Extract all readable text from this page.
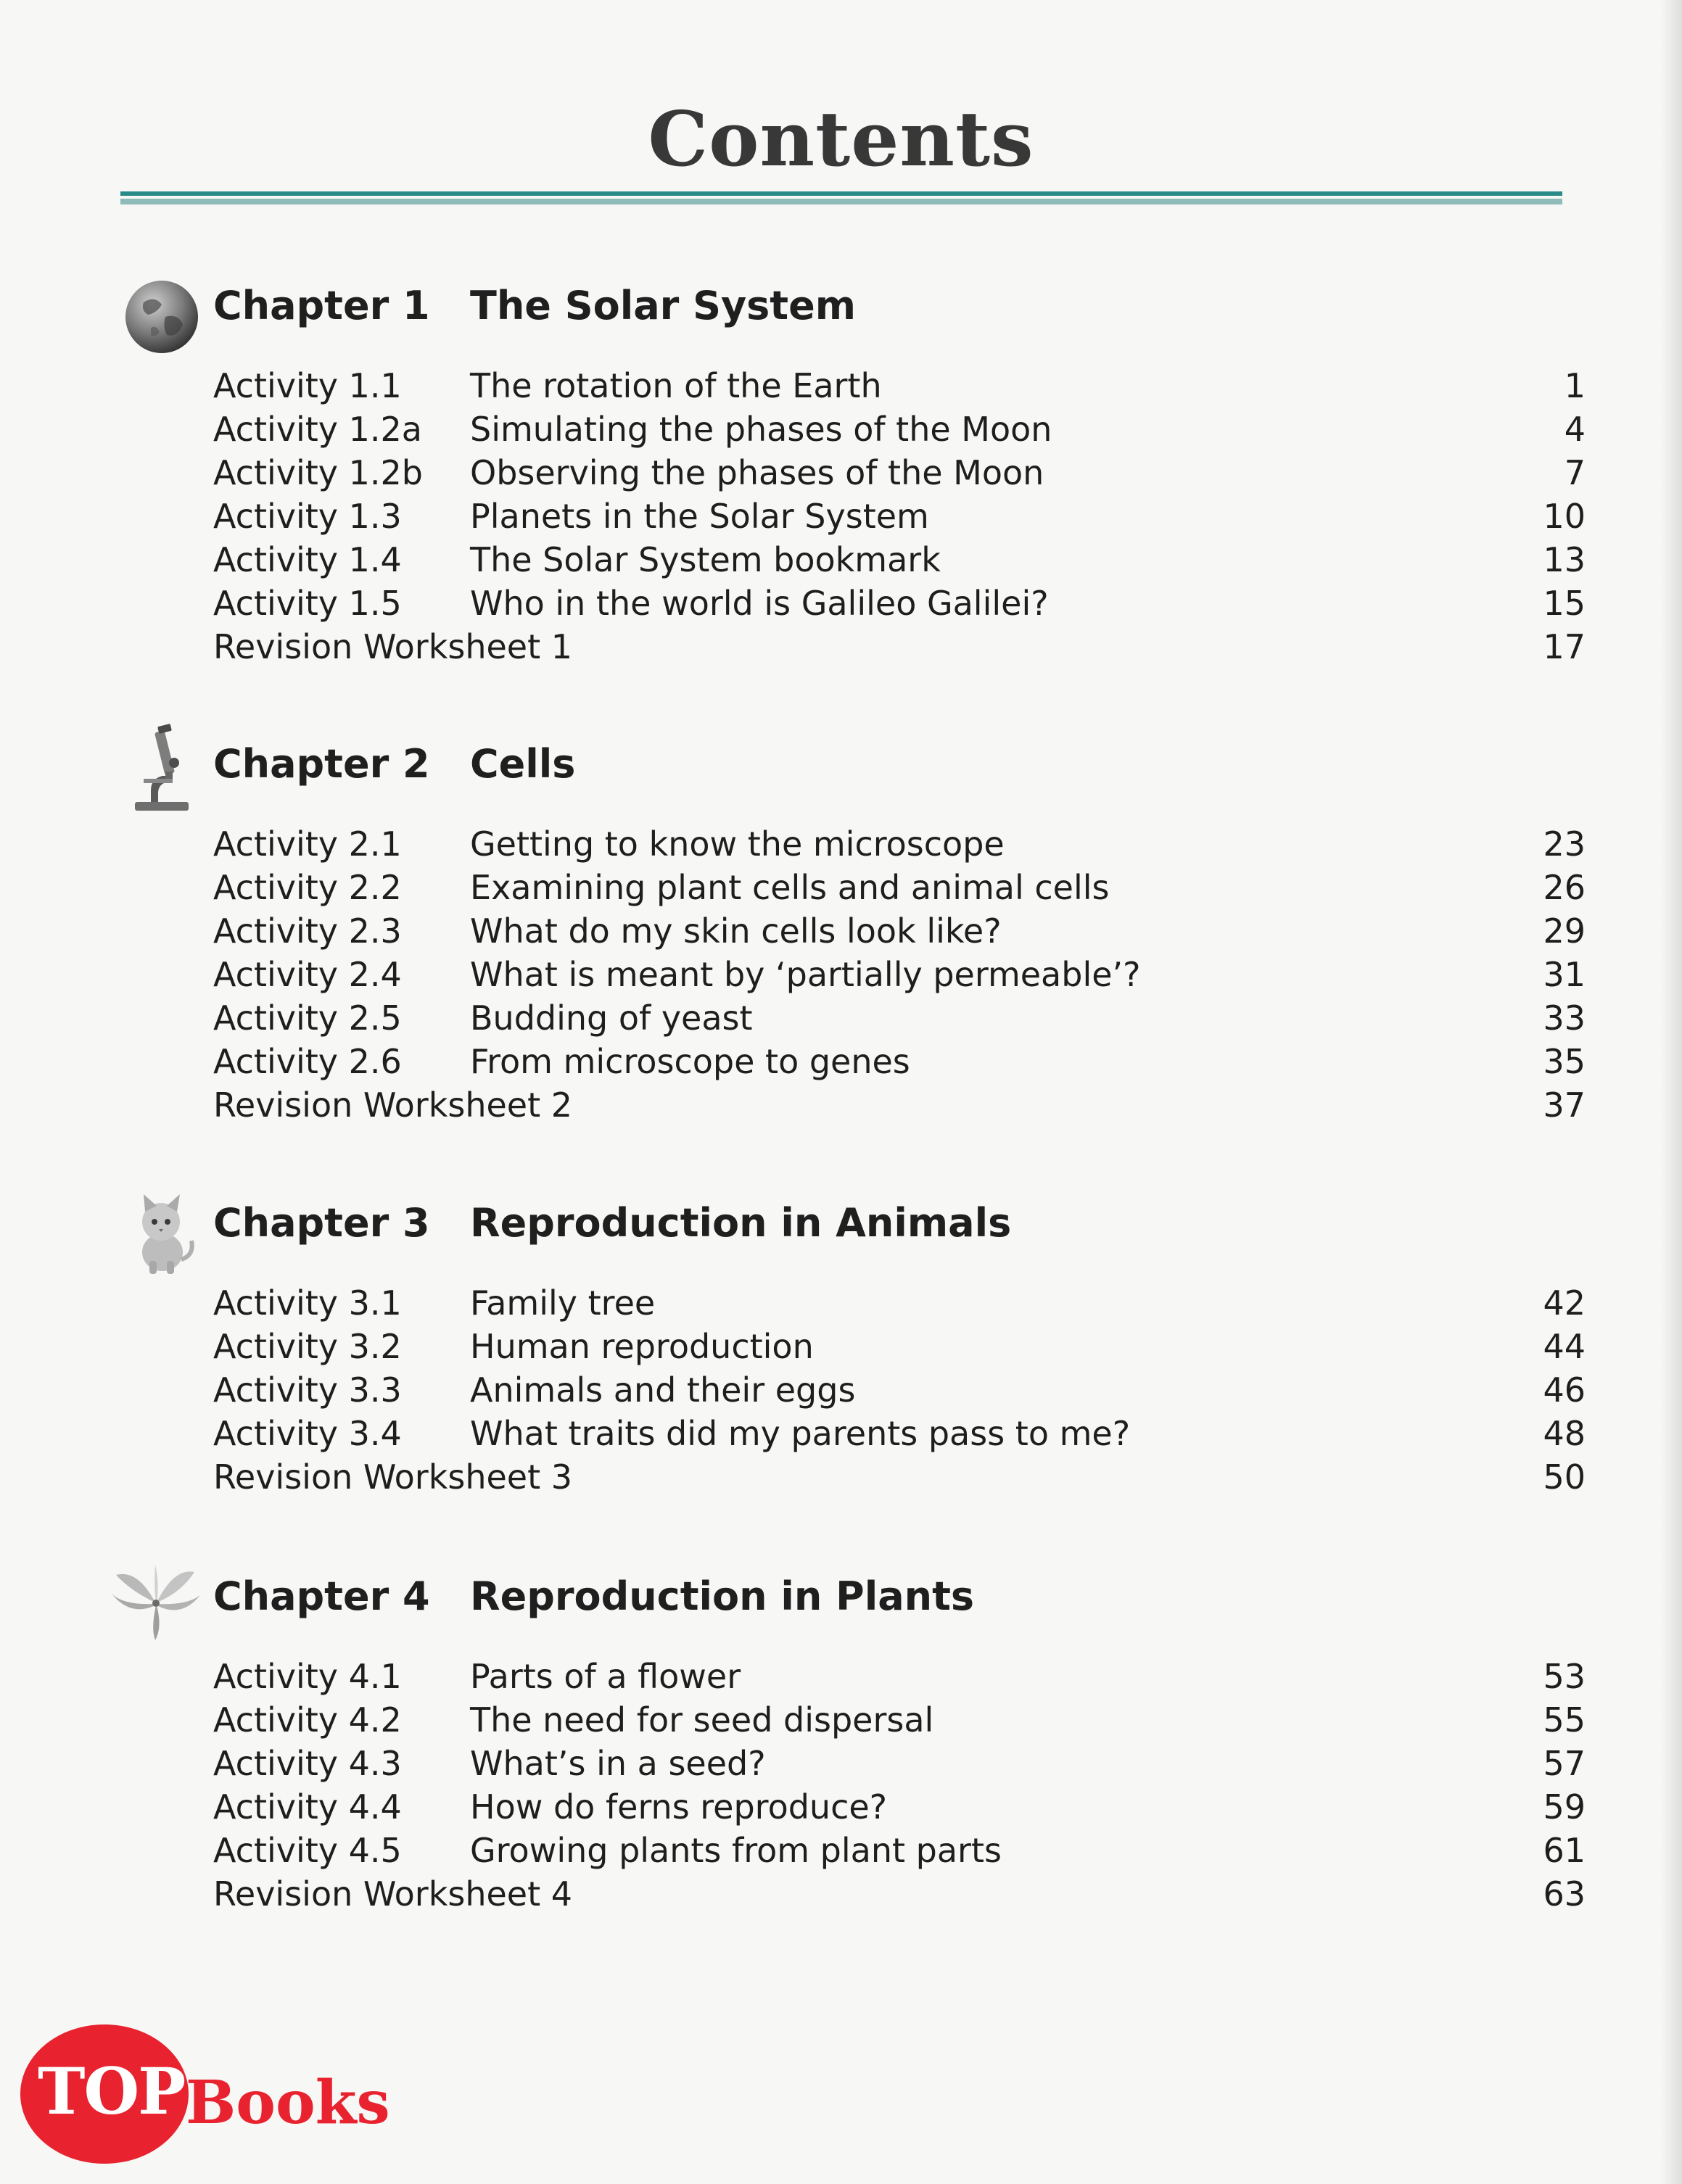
Contents
Chapter 1 The Solar System
Activity 1.1 The rotation of the Earth	1
Activity 1.2a Simulating the phases of the Moon	4
Activity 1.2b Observing the phases of the Moon	7
Activity 1.3 Planets in the Solar System	10
Activity 1.4 The Solar System bookmark	13
Activity 1.5 Who in the world is Galileo Galilei?	15
Revision Worksheet 1	17
Chapter 2 Cells
Activity 2.1 Getting to know the microscope	23
Activity 2.2 Examining plant cells and animal cells	26
Activity 2.3 What do my skin cells look like?	29
Activity 2.4 What is meant by ‘partially permeable’?	31
Activity 2.5 Budding of yeast	33
Activity 2.6 From microscope to genes	35
Revision Worksheet 2	37
Chapter 3 Reproduction in Animals
Activity 3.1 Family tree	42
Activity 3.2 Human reproduction	44
Activity 3.3 Animals and their eggs	46
Activity 3.4 What traits did my parents pass to me?	48
Revision Worksheet 3	50
Chapter 4 Reproduction in Plants
Activity 4.1 Parts of a flower	53
Activity 4.2 The need for seed dispersal	55
Activity 4.3 What’s in a seed?	57
Activity 4.4 How do ferns reproduce?	59
Activity 4.5 Growing plants from plant parts	61
Revision Worksheet 4	63
TOP Books
